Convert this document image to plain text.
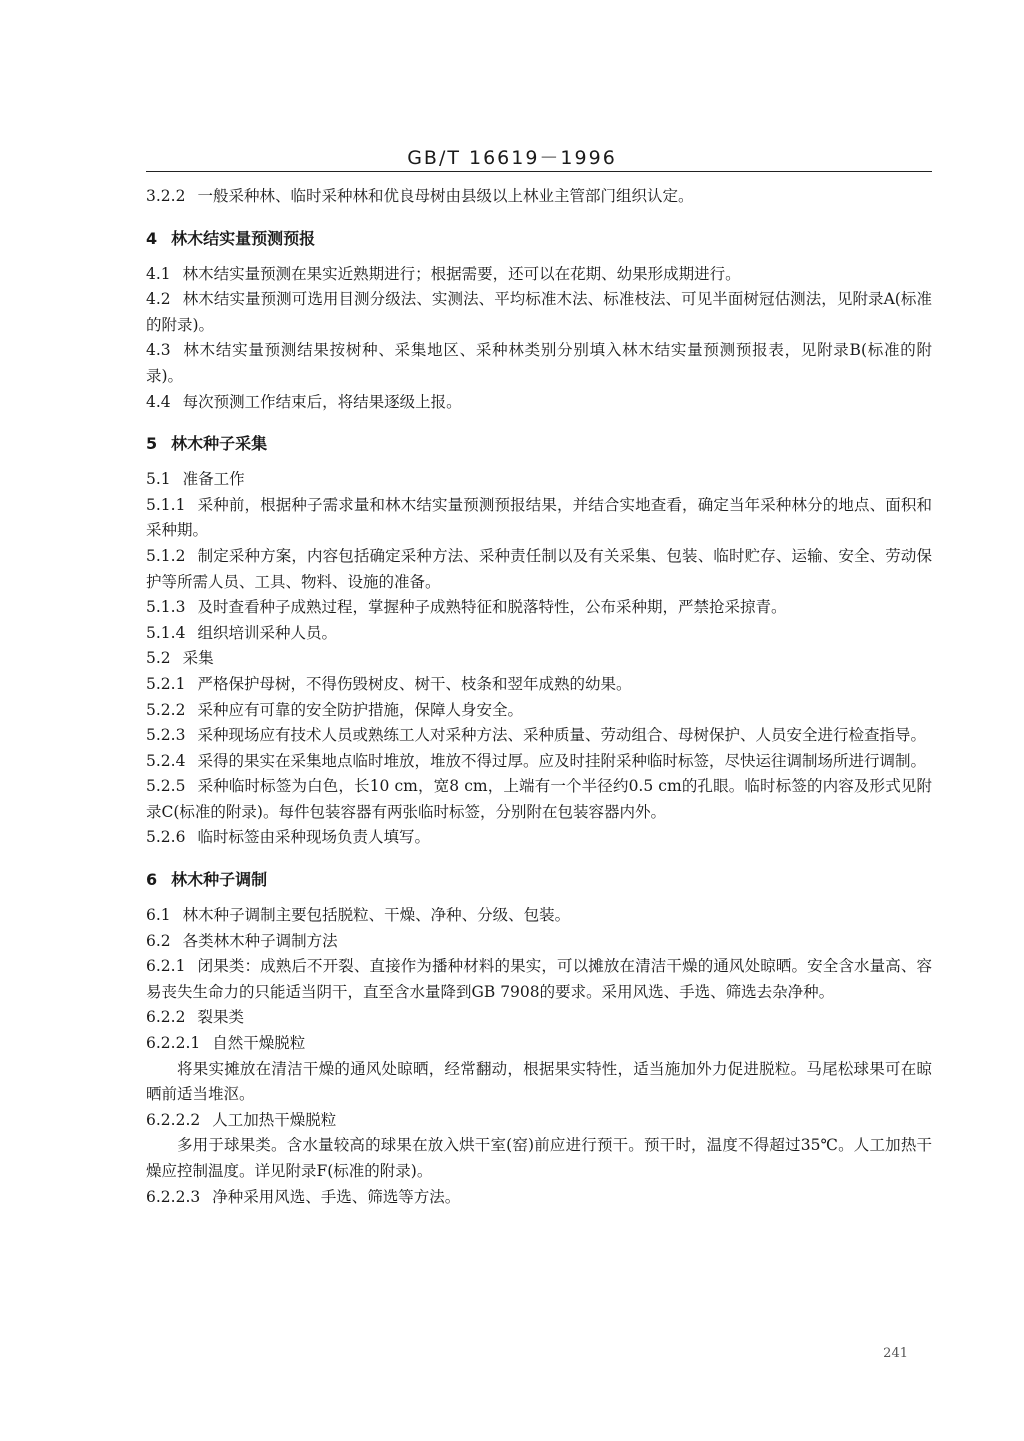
GB/T 16619－1996
3.2.2 一般采种林、临时采种林和优良母树由县级以上林业主管部门组织认定。
4 林木结实量预测预报
4.1 林木结实量预测在果实近熟期进行；根据需要，还可以在花期、幼果形成期进行。
4.2 林木结实量预测可选用目测分级法、实测法、平均标准木法、标准枝法、可见半面树冠估测法，见附录A(标准的附录)。
4.3 林木结实量预测结果按树种、采集地区、采种林类别分别填入林木结实量预测预报表，见附录B(标准的附录)。
4.4 每次预测工作结束后，将结果逐级上报。
5 林木种子采集
5.1 准备工作
5.1.1 采种前，根据种子需求量和林木结实量预测预报结果，并结合实地查看，确定当年采种林分的地点、面积和采种期。
5.1.2 制定采种方案，内容包括确定采种方法、采种责任制以及有关采集、包装、临时贮存、运输、安全、劳动保护等所需人员、工具、物料、设施的准备。
5.1.3 及时查看种子成熟过程，掌握种子成熟特征和脱落特性，公布采种期，严禁抢采掠青。
5.1.4 组织培训采种人员。
5.2 采集
5.2.1 严格保护母树，不得伤毁树皮、树干、枝条和翌年成熟的幼果。
5.2.2 采种应有可靠的安全防护措施，保障人身安全。
5.2.3 采种现场应有技术人员或熟练工人对采种方法、采种质量、劳动组合、母树保护、人员安全进行检查指导。
5.2.4 采得的果实在采集地点临时堆放，堆放不得过厚。应及时挂附采种临时标签，尽快运往调制场所进行调制。
5.2.5 采种临时标签为白色，长10 cm，宽8 cm，上端有一个半径约0.5 cm的孔眼。临时标签的内容及形式见附录C(标准的附录)。每件包装容器有两张临时标签，分别附在包装容器内外。
5.2.6 临时标签由采种现场负责人填写。
6 林木种子调制
6.1 林木种子调制主要包括脱粒、干燥、净种、分级、包装。
6.2 各类林木种子调制方法
6.2.1 闭果类：成熟后不开裂、直接作为播种材料的果实，可以摊放在清洁干燥的通风处晾晒。安全含水量高、容易丧失生命力的只能适当阴干，直至含水量降到GB 7908的要求。采用风选、手选、筛选去杂净种。
6.2.2 裂果类
6.2.2.1 自然干燥脱粒
将果实摊放在清洁干燥的通风处晾晒，经常翻动，根据果实特性，适当施加外力促进脱粒。马尾松球果可在晾晒前适当堆沤。
6.2.2.2 人工加热干燥脱粒
多用于球果类。含水量较高的球果在放入烘干室(窑)前应进行预干。预干时，温度不得超过35℃。人工加热干燥应控制温度。详见附录F(标准的附录)。
6.2.2.3 净种采用风选、手选、筛选等方法。
241
